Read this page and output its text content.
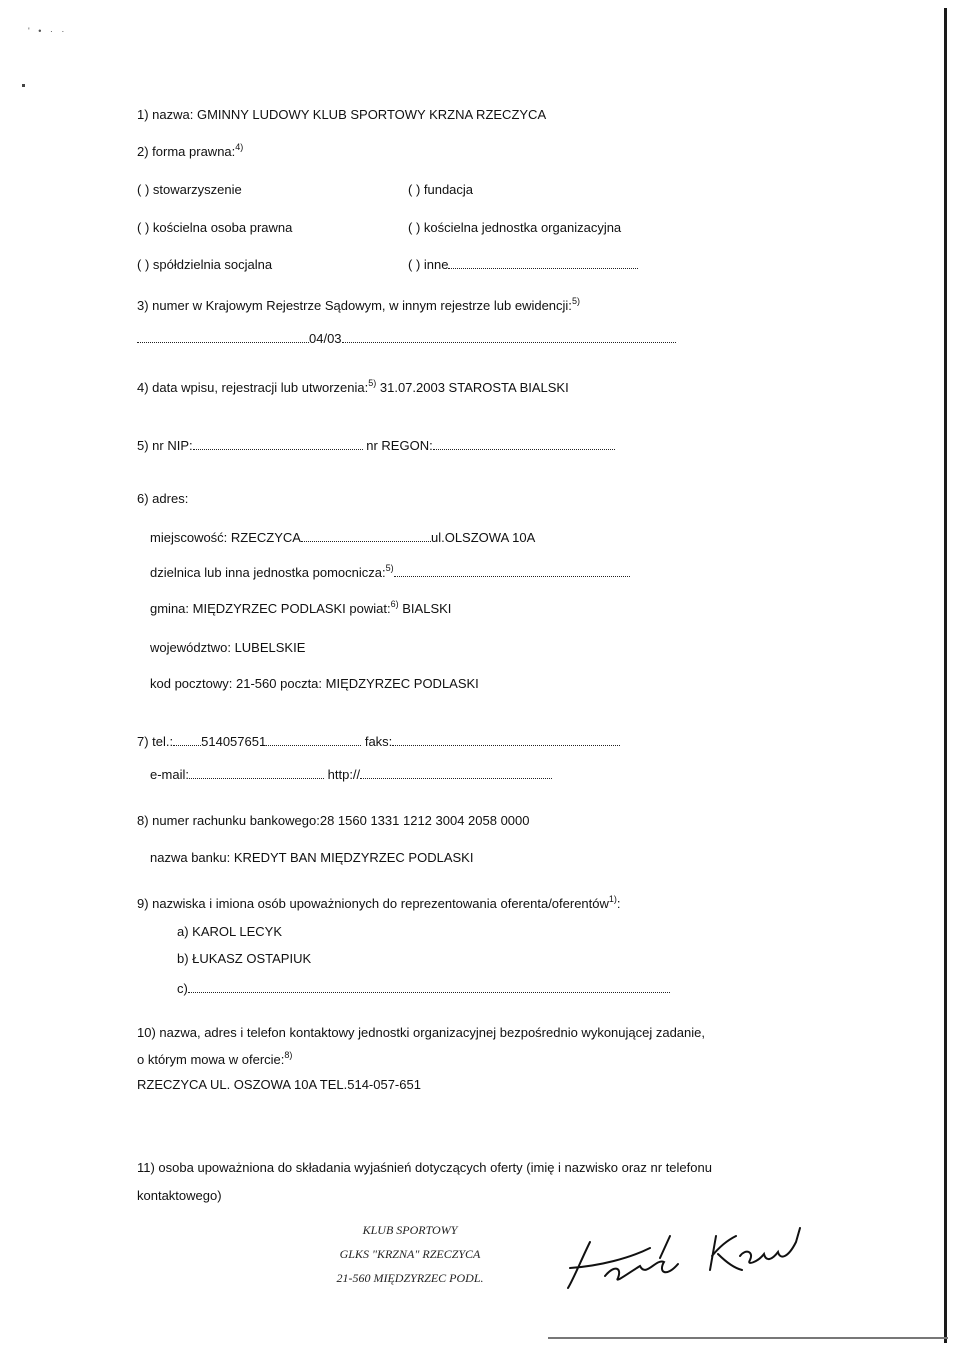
' • · ·
1) nazwa: GMINNY LUDOWY KLUB SPORTOWY KRZNA RZECZYCA
2) forma prawna:$^{4)}$
( ) stowarzyszenie	( ) fundacja
( ) kościelna osoba prawna	( ) kościelna jednostka organizacyjna
( ) spółdzielnia socjalna	( ) inne
3) numer w Krajowym Rejestrze Sądowym, w innym rejestrze lub ewidencji:$^{5)}$
04/03
4) data wpisu, rejestracji lub utworzenia:$^{5)}$ 31.07.2003 STAROSTA BIALSKI
5) nr NIP:	nr REGON:
6) adres:
miejscowość: RZECZYCA	ul.OLSZOWA 10A
dzielnica lub inna jednostka pomocnicza:$^{5)}$
gmina: MIĘDZYRZEC PODLASKI powiat:$^{6)}$ BIALSKI
województwo: LUBELSKIE
kod pocztowy: 21-560 poczta: MIĘDZYRZEC PODLASKI
7) tel.: 514057651	faks:
e-mail:	http://
8) numer rachunku bankowego:28 1560 1331 1212 3004 2058 0000
nazwa banku: KREDYT BAN MIĘDZYRZEC PODLASKI
9) nazwiska i imiona osób upoważnionych do reprezentowania oferenta/oferentów$^{1)}$:
a) KAROL LECYK
b) ŁUKASZ OSTAPIUK
c)
10) nazwa, adres i telefon kontaktowy jednostki organizacyjnej bezpośrednio wykonującej zadanie,
o którym mowa w ofercie:$^{8)}$
RZECZYCA UL. OSZOWA 10A TEL.514-057-651
11) osoba upoważniona do składania wyjaśnień dotyczących oferty (imię i nazwisko oraz nr telefonu
kontaktowego)
KLUB SPORTOWY
GLKS "KRZNA" RZECZYCA
21-560 MIĘDZYRZEC PODL.
